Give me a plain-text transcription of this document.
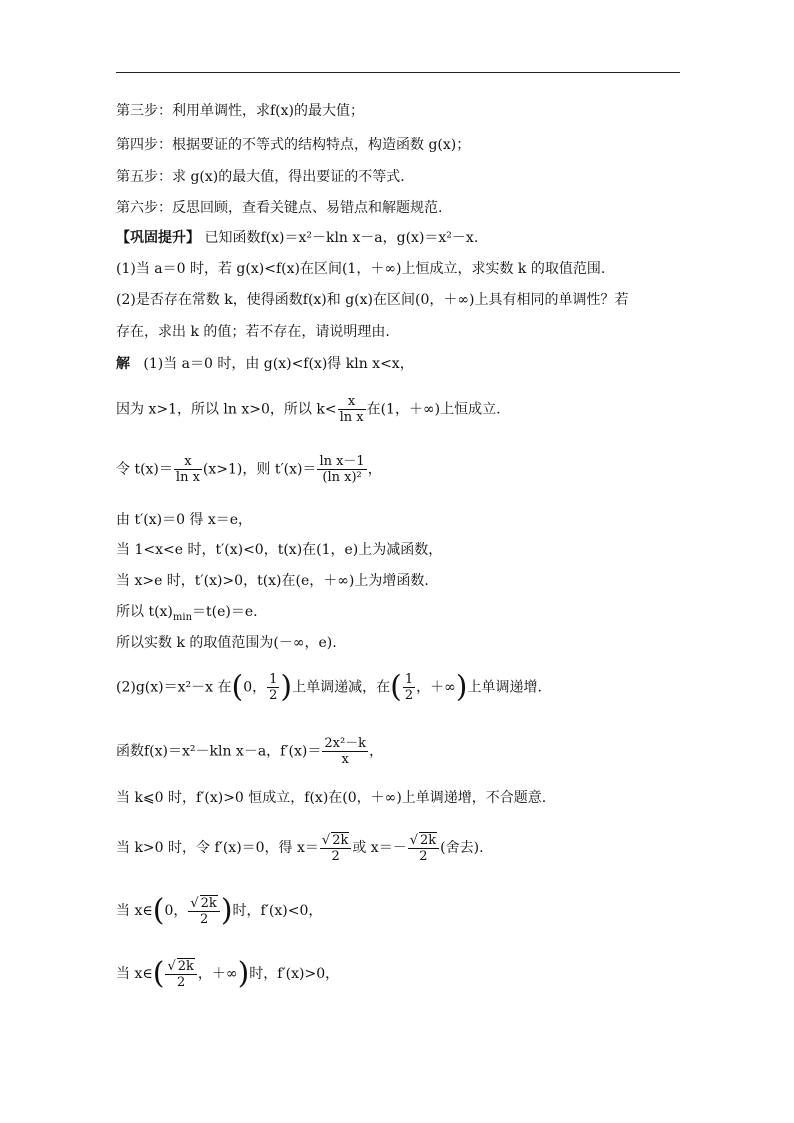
第三步：利用单调性，求f(x)的最大值；
第四步：根据要证的不等式的结构特点，构造函数 g(x)；
第五步：求 g(x)的最大值，得出要证的不等式.
第六步：反思回顾，查看关键点、易错点和解题规范.
【巩固提升】 已知函数f(x)＝x²－kln x－a，g(x)＝x²－x.
(1)当 a＝0 时，若 g(x)<f(x)在区间(1，＋∞)上恒成立，求实数 k 的取值范围.
(2)是否存在常数 k，使得函数f(x)和 g(x)在区间(0，＋∞)上具有相同的单调性？若
存在，求出 k 的值；若不存在，请说明理由.
解 (1)当 a＝0 时，由 g(x)<f(x)得 kln x<x，
因为 x>1，所以 ln x>0，所以 $k< \frac{x}{\text{ln x}}$ 在(1，＋∞)上恒成立.
令 $t(x)= \frac{x}{\text{ln x}} (x>1)$，则 $t'(x)= \frac{\text{ln x－1}}{\text{(ln x)²}}$ ，
由 t′(x)＝0 得 x＝e，
当 1<x<e 时，t′(x)<0，t(x)在(1，e)上为减函数，
当 x>e 时，t′(x)>0，t(x)在(e，＋∞)上为增函数.
所以 $t(x)_{min}=t(e)=e$.
所以实数 k 的取值范围为(－∞，e).
(2)g(x)＝x²－x 在(0， $\frac{1}{2}$ )上单调递减，在( $\frac{1}{2}$ ，＋∞)上单调递增.
函数f(x)＝x²－kln x－a，$f'(x)= \frac{\text{2x²－k}}{x}$ ，
当 k⩽0 时，f′(x)>0 恒成立，f(x)在(0，＋∞)上单调递增，不合题意.
当 k>0 时，令 f′(x)＝0，得 $x= \frac{√ 2k}{2}$ 或 $x=- \frac{√ 2k}{2}$ (舍去).
当 x∈(0， $\frac{√ 2k}{2}$ )时，f′(x)<0，
当 x∈( $\frac{√ 2k}{2}$ ，＋∞)时，f′(x)>0，
